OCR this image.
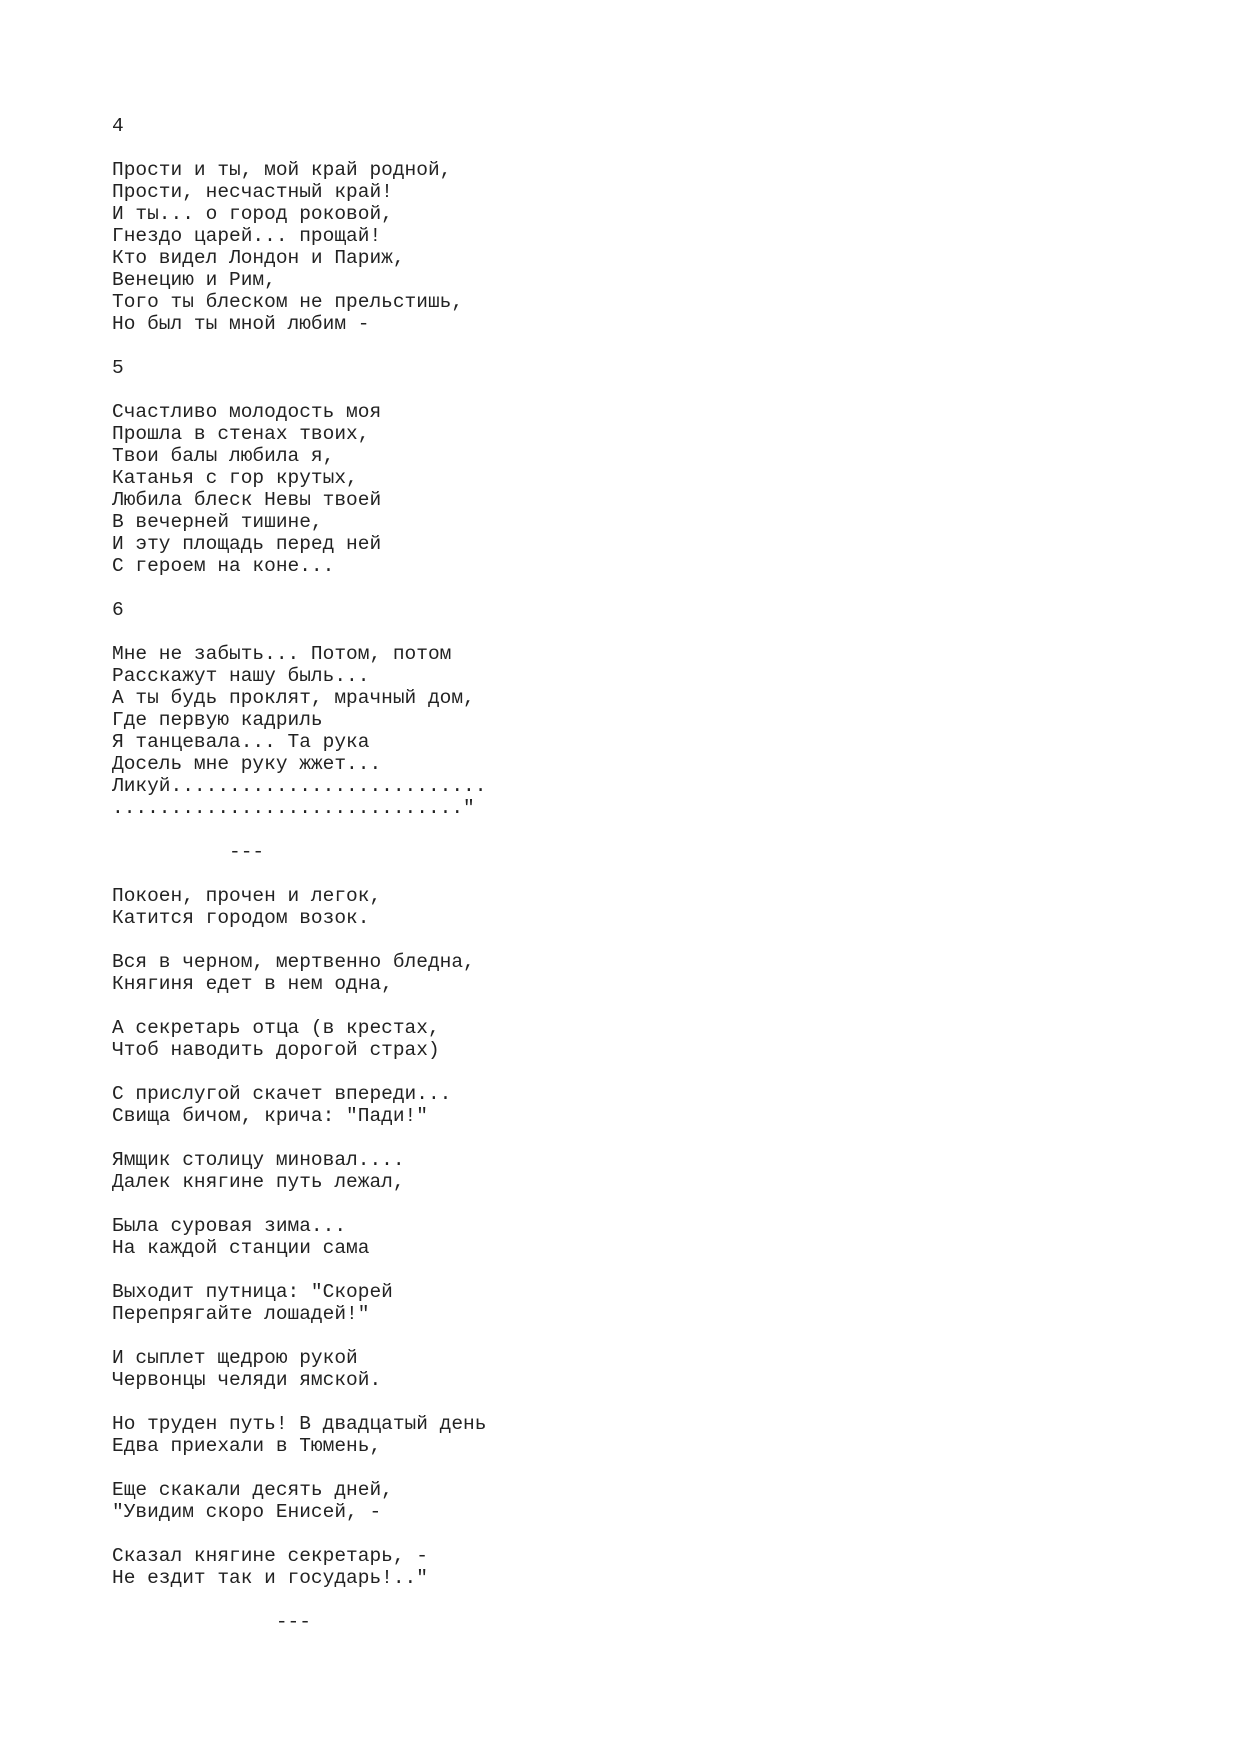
4
Прости и ты, мой край родной,
Прости, несчастный край!
И ты... о город роковой,
Гнездо царей... прощай!
Кто видел Лондон и Париж,
Венецию и Рим,
Того ты блеском не прельстишь,
Но был ты мной любим -
5
Счастливо молодость моя
Прошла в стенах твоих,
Твои балы любила я,
Катанья с гор крутых,
Любила блеск Невы твоей
В вечерней тишине,
И эту площадь перед ней
С героем на коне...
6
Мне не забыть... Потом, потом
Расскажут нашу быль...
А ты будь проклят, мрачный дом,
Где первую кадриль
Я танцевала... Та рука
Досель мне руку жжет...
Ликуй...........................
.............................."
---
Покоен, прочен и легок,
Катится городом возок.
Вся в черном, мертвенно бледна,
Княгиня едет в нем одна,
А секретарь отца (в крестах,
Чтоб наводить дорогой страх)
С прислугой скачет впереди...
Свища бичом, крича: "Пади!"
Ямщик столицу миновал....
Далек княгине путь лежал,
Была суровая зима...
На каждой станции сама
Выходит путница: "Скорей
Перепрягайте лошадей!"
И сыплет щедрою рукой
Червонцы челяди ямской.
Но труден путь! В двадцатый день
Едва приехали в Тюмень,
Еще скакали десять дней,
"Увидим скоро Енисей, -
Сказал княгине секретарь, -
Не ездит так и государь!.."
---
